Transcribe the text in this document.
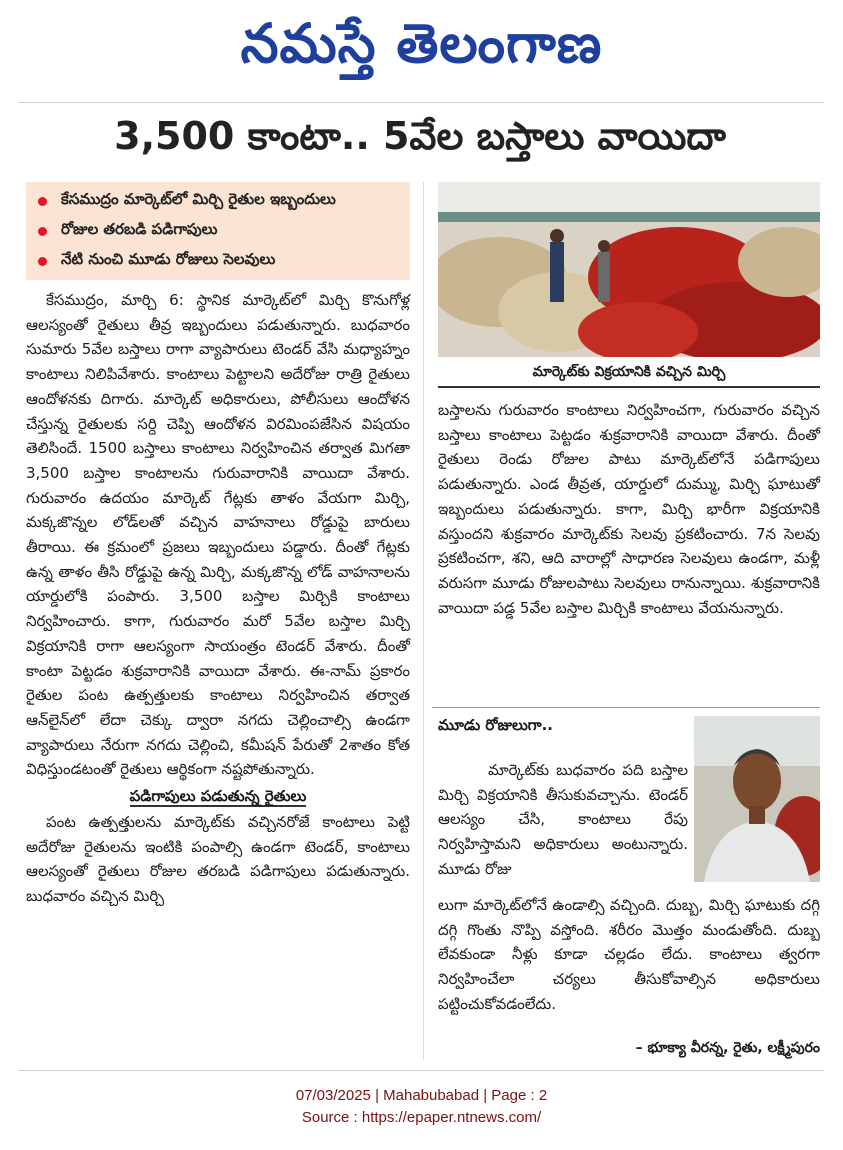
నమస్తే తెలంగాణ
3,500 కాంటా.. 5వేల బస్తాలు వాయిదా
కేసముద్రం మార్కెట్‌లో మిర్చి రైతుల ఇబ్బందులు
రోజుల తరబడి పడిగాపులు
నేటి నుంచి మూడు రోజులు సెలవులు

కేసముద్రం, మార్చి 6: స్థానిక మార్కెట్‌లో మిర్చి కొనుగోళ్ల ఆలస్యంతో రైతులు తీవ్ర ఇబ్బందులు పడుతున్నారు. బుధవారం సుమారు 5వేల బస్తాలు రాగా వ్యాపారులు టెండర్ వేసి మధ్యాహ్నం కాంటాలు నిలిపివేశారు. కాంటాలు పెట్టాలని అదేరోజు రాత్రి రైతులు ఆందోళనకు దిగారు. మార్కెట్ అధికారులు, పోలీసులు ఆందోళన చేస్తున్న రైతులకు సర్ది చెప్పి ఆందోళన విరమింపజేసిన విషయం తెలిసిందే. 1500 బస్తాలు కాంటాలు నిర్వహించిన తర్వాత మిగతా 3,500 బస్తాల కాంటాలను గురువారానికి వాయిదా వేశారు. గురువారం ఉదయం మార్కెట్ గేట్లకు తాళం వేయగా మిర్చి, మక్కజొన్నల లోడ్‌లతో వచ్చిన వాహనాలు రోడ్డుపై బారులు తీరాయి. ఈ క్రమంలో ప్రజలు ఇబ్బందులు పడ్డారు. దీంతో గేట్లకు ఉన్న తాళం తీసి రోడ్డుపై ఉన్న మిర్చి, మక్కజొన్న లోడ్ వాహనాలను యార్డులోకి పంపారు. 3,500 బస్తాల మిర్చికి కాంటాలు నిర్వహించారు. కాగా, గురువారం మరో 5వేల బస్తాల మిర్చి విక్రయానికి రాగా ఆలస్యంగా సాయంత్రం టెండర్ వేశారు. దీంతో కాంటా పెట్టడం శుక్రవారానికి వాయిదా వేశారు. ఈ-నామ్ ప్రకారం రైతుల పంట ఉత్పత్తులకు కాంటాలు నిర్వహించిన తర్వాత ఆన్‌లైన్‌లో లేదా చెక్కు ద్వారా నగదు చెల్లించాల్సి ఉండగా వ్యాపారులు నేరుగా నగదు చెల్లించి, కమీషన్ పేరుతో 2శాతం కోత విధిస్తుండటంతో రైతులు ఆర్థికంగా నష్టపోతున్నారు.

పడిగాపులు పడుతున్న రైతులు

పంట ఉత్పత్తులను మార్కెట్‌కు వచ్చినరోజే కాంటాలు పెట్టి అదేరోజు రైతులను ఇంటికి పంపాల్సి ఉండగా టెండర్, కాంటాలు ఆలస్యంతో రైతులు రోజుల తరబడి పడిగాపులు పడుతున్నారు. బుధవారం వచ్చిన మిర్చి

మార్కెట్‌కు విక్రయానికి వచ్చిన మిర్చి

బస్తాలను గురువారం కాంటాలు నిర్వహించగా, గురువారం వచ్చిన బస్తాలు కాంటాలు పెట్టడం శుక్రవారానికి వాయిదా వేశారు. దీంతో రైతులు రెండు రోజుల పాటు మార్కెట్‌లోనే పడిగాపులు పడుతున్నారు. ఎండ తీవ్రత, యార్డులో దుమ్ము, మిర్చి ఘాటుతో ఇబ్బందులు పడుతున్నారు. కాగా, మిర్చి భారీగా విక్రయానికి వస్తుందని శుక్రవారం మార్కెట్‌కు సెలవు ప్రకటించారు. 7న సెలవు ప్రకటించగా, శని, ఆది వారాల్లో సాధారణ సెలవులు ఉండగా, మళ్లీ వరుసగా మూడు రోజులపాటు సెలవులు రానున్నాయి. శుక్రవారానికి వాయిదా పడ్డ 5వేల బస్తాల మిర్చికి కాంటాలు వేయనున్నారు.

మూడు రోజులుగా..

మార్కెట్‌కు బుధవారం పది బస్తాల మిర్చి విక్రయానికి తీసుకువచ్చాను. టెండర్ ఆలస్యం చేసి, కాంటాలు రేపు నిర్వహిస్తామని అధికారులు అంటున్నారు. మూడు రోజు

లుగా మార్కెట్‌లోనే ఉండాల్సి వచ్చింది. దుబ్బ, మిర్చి ఘాటుకు దగ్గి దగ్గి గొంతు నొప్పి వస్తోంది. శరీరం మొత్తం మండుతోంది. దుబ్బ లేవకుండా నీళ్లు కూడా చల్లడం లేదు. కాంటాలు త్వరగా నిర్వహించేలా చర్యలు తీసుకోవాల్సిన అధికారులు పట్టించుకోవడంలేదు.

– భూక్యా వీరన్న, రైతు, లక్ష్మీపురం
07/03/2025 | Mahabubabad | Page : 2
Source : https://epaper.ntnews.com/
